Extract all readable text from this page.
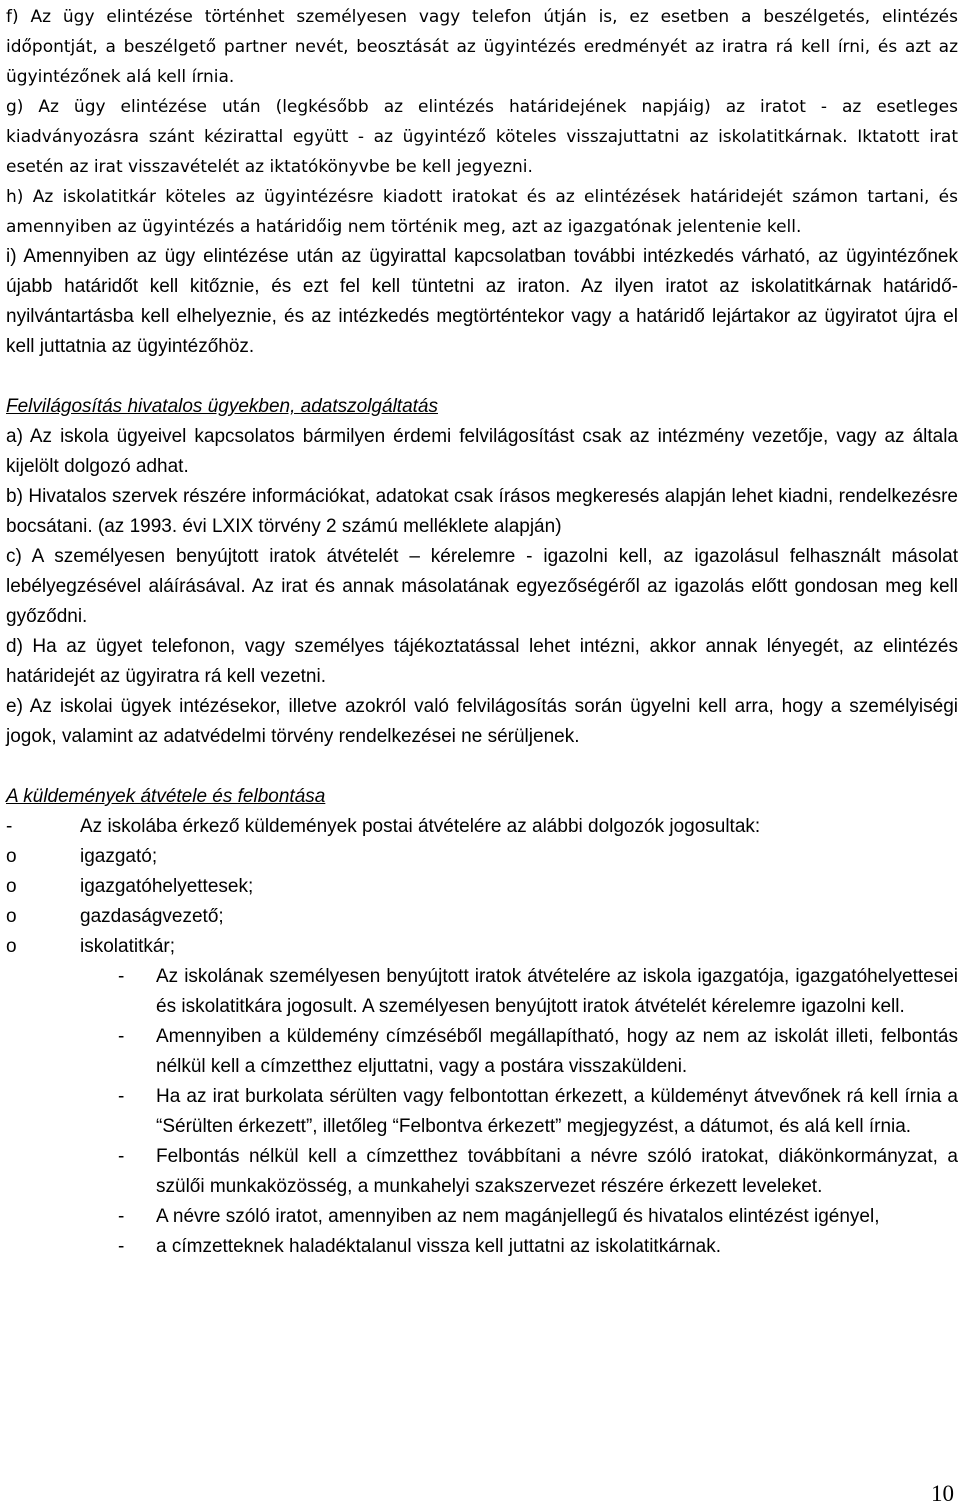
f) Az ügy elintézése történhet személyesen vagy telefon útján is, ez esetben a beszélgetés, elintézés időpontját, a beszélgető partner nevét, beosztását az ügyintézés eredményét az iratra rá kell írni, és azt az ügyintézőnek alá kell írnia.

g) Az ügy elintézése után (legkésőbb az elintézés határidejének napjáig) az iratot - az esetleges kiadványozásra szánt kézirattal együtt - az ügyintéző köteles visszajuttatni az iskolatitkárnak. Iktatott irat esetén az irat visszavételét az iktatókönyvbe be kell jegyezni.

h) Az iskolatitkár köteles az ügyintézésre kiadott iratokat és az elintézések határidejét számon tartani, és amennyiben az ügyintézés a határidőig nem történik meg, azt az igazgatónak jelentenie kell.

i) Amennyiben az ügy elintézése után az ügyirattal kapcsolatban további intézkedés várható, az ügyintézőnek újabb határidőt kell kitőznie, és ezt fel kell tüntetni az iraton. Az ilyen iratot az iskolatitkárnak határidő-nyilvántartásba kell elhelyeznie, és az intézkedés megtörténtekor vagy a határidő lejártakor az ügyiratot újra el kell juttatnia az ügyintézőhöz.

Felvilágosítás hivatalos ügyekben, adatszolgáltatás

a) Az iskola ügyeivel kapcsolatos bármilyen érdemi felvilágosítást csak az intézmény vezetője, vagy az általa kijelölt dolgozó adhat.

b) Hivatalos szervek részére információkat, adatokat csak írásos megkeresés alapján lehet kiadni, rendelkezésre bocsátani. (az 1993. évi LXIX törvény 2 számú melléklete alapján)

c) A személyesen benyújtott iratok átvételét – kérelemre - igazolni kell, az igazolásul felhasznált másolat lebélyegzésével aláírásával. Az irat és annak másolatának egyezőségéről az igazolás előtt gondosan meg kell győződni.

d) Ha az ügyet telefonon, vagy személyes tájékoztatással lehet intézni, akkor annak lényegét, az elintézés határidejét az ügyiratra rá kell vezetni.

e) Az iskolai ügyek intézésekor, illetve azokról való felvilágosítás során ügyelni kell arra, hogy a személyiségi jogok, valamint az adatvédelmi törvény rendelkezései ne sérüljenek.

A küldemények átvétele és felbontása

-	Az iskolába érkező küldemények postai átvételére az alábbi dolgozók jogosultak:
o	igazgató;
o	igazgatóhelyettesek;
o	gazdaságvezető;
o	iskolatitkár;
- Az iskolának személyesen benyújtott iratok átvételére az iskola igazgatója, igazgatóhelyettesei és iskolatitkára jogosult. A személyesen benyújtott iratok átvételét kérelemre igazolni kell.
- Amennyiben a küldemény címzéséből megállapítható, hogy az nem az iskolát illeti, felbontás nélkül kell a címzetthez eljuttatni, vagy a postára visszaküldeni.
- Ha az irat burkolata sérülten vagy felbontottan érkezett, a küldeményt átvevőnek rá kell írnia a “Sérülten érkezett”, illetőleg “Felbontva érkezett” megjegyzést, a dátumot, és alá kell írnia.
- Felbontás nélkül kell a címzetthez továbbítani a névre szóló iratokat, diákönkormányzat, a szülői munkaközösség, a munkahelyi szakszervezet részére érkezett leveleket.
- A névre szóló iratot, amennyiben az nem magánjellegű és hivatalos elintézést igényel,
- a címzetteknek haladéktalanul vissza kell juttatni az iskolatitkárnak.
10
